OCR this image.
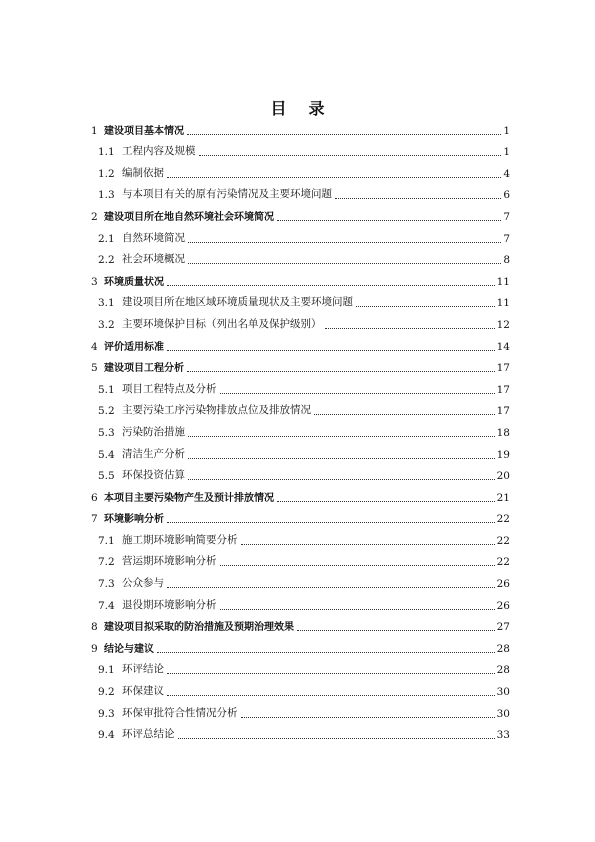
目录
1 建设项目基本情况	1
1.1 工程内容及规模	1
1.2 编制依据	4
1.3 与本项目有关的原有污染情况及主要环境问题	6
2 建设项目所在地自然环境社会环境简况	7
2.1 自然环境简况	7
2.2 社会环境概况	8
3 环境质量状况	11
3.1 建设项目所在地区域环境质量现状及主要环境问题	11
3.2 主要环境保护目标（列出名单及保护级别）	12
4 评价适用标准	14
5 建设项目工程分析	17
5.1 项目工程特点及分析	17
5.2 主要污染工序污染物排放点位及排放情况	17
5.3 污染防治措施	18
5.4 清洁生产分析	19
5.5 环保投资估算	20
6 本项目主要污染物产生及预计排放情况	21
7 环境影响分析	22
7.1 施工期环境影响简要分析	22
7.2 营运期环境影响分析	22
7.3 公众参与	26
7.4 退役期环境影响分析	26
8 建设项目拟采取的防治措施及预期治理效果	27
9 结论与建议	28
9.1 环评结论	28
9.2 环保建议	30
9.3 环保审批符合性情况分析	30
9.4 环评总结论	33
